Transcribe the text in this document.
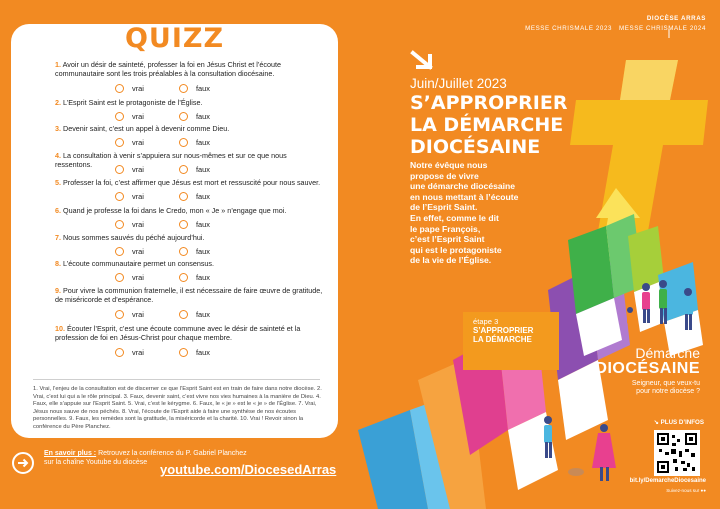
QUIZZ
1. Avoir un désir de sainteté, professer la foi en Jésus Christ et l’écoute communautaire sont les trois préalables à la consultation diocésaine.
vrai	faux
2. L’Esprit Saint est le protagoniste de l’Église.
vrai	faux
3. Devenir saint, c’est un appel à devenir comme Dieu.
vrai	faux
4. La consultation à venir s’appuiera sur nous-mêmes et sur ce que nous ressentons.
vrai	faux
5. Professer la foi, c’est affirmer que Jésus est mort et ressuscité pour nous sauver.
vrai	faux
6. Quand je professe la foi dans le Credo, mon « Je » n’engage que moi.
vrai	faux
7. Nous sommes sauvés du péché aujourd’hui.
vrai	faux
8. L’écoute communautaire permet un consensus.
vrai	faux
9. Pour vivre la communion fraternelle, il est nécessaire de faire œuvre de gratitude, de miséricorde et d’espérance.
vrai	faux
10. Écouter l’Esprit, c’est une écoute commune avec le désir de sainteté et la profession de foi en Jésus-Christ pour chaque membre.
vrai	faux
1. Vrai, l’enjeu de la consultation est de discerner ce que l’Esprit Saint est en train de faire dans notre diocèse. 2. Vrai, c’est lui qui a le rôle principal. 3. Faux, devenir saint, c’est vivre nos vies humaines à la manière de Dieu. 4. Faux, elle s’appuie sur l’Esprit Saint. 5. Vrai, c’est le kérygme. 6. Faux, le « je » est le « je » de l’Église. 7. Vrai, Jésus nous sauve de nos péchés. 8. Vrai, l’écoute de l’Esprit aide à faire une synthèse de nos écoutes personnelles. 9. Faux, les remèdes sont la gratitude, la miséricorde et la charité. 10. Vrai ! Revoir sinon la conférence du Père Planchez.
En savoir plus : Retrouvez la conférence du P. Gabriel Planchez
sur la chaîne Youtube du diocèse youtube.com/DiocesedArras
DIOCÈSE ARRAS
MESSE CHRISMALE 2023 MESSE CHRISMALE 2024
Juin/Juillet 2023
S’APPROPRIER
LA DÉMARCHE
DIOCÉSAINE
Notre évêque nous
propose de vivre
une démarche diocésaine
en nous mettant à l’écoute
de l’Esprit Saint.
En effet, comme le dit
le pape François,
c’est l’Esprit Saint
qui est le protagoniste
de la vie de l’Église.
étape 3
S’APPROPRIER
LA DÉMARCHE
Démarche
DIOCÉSAINE
Seigneur, que veux-tu
pour notre diocèse ?
↘ PLUS D’INFOS
bit.ly/DemarcheDiocesaine
Suivez-nous sur ●●
